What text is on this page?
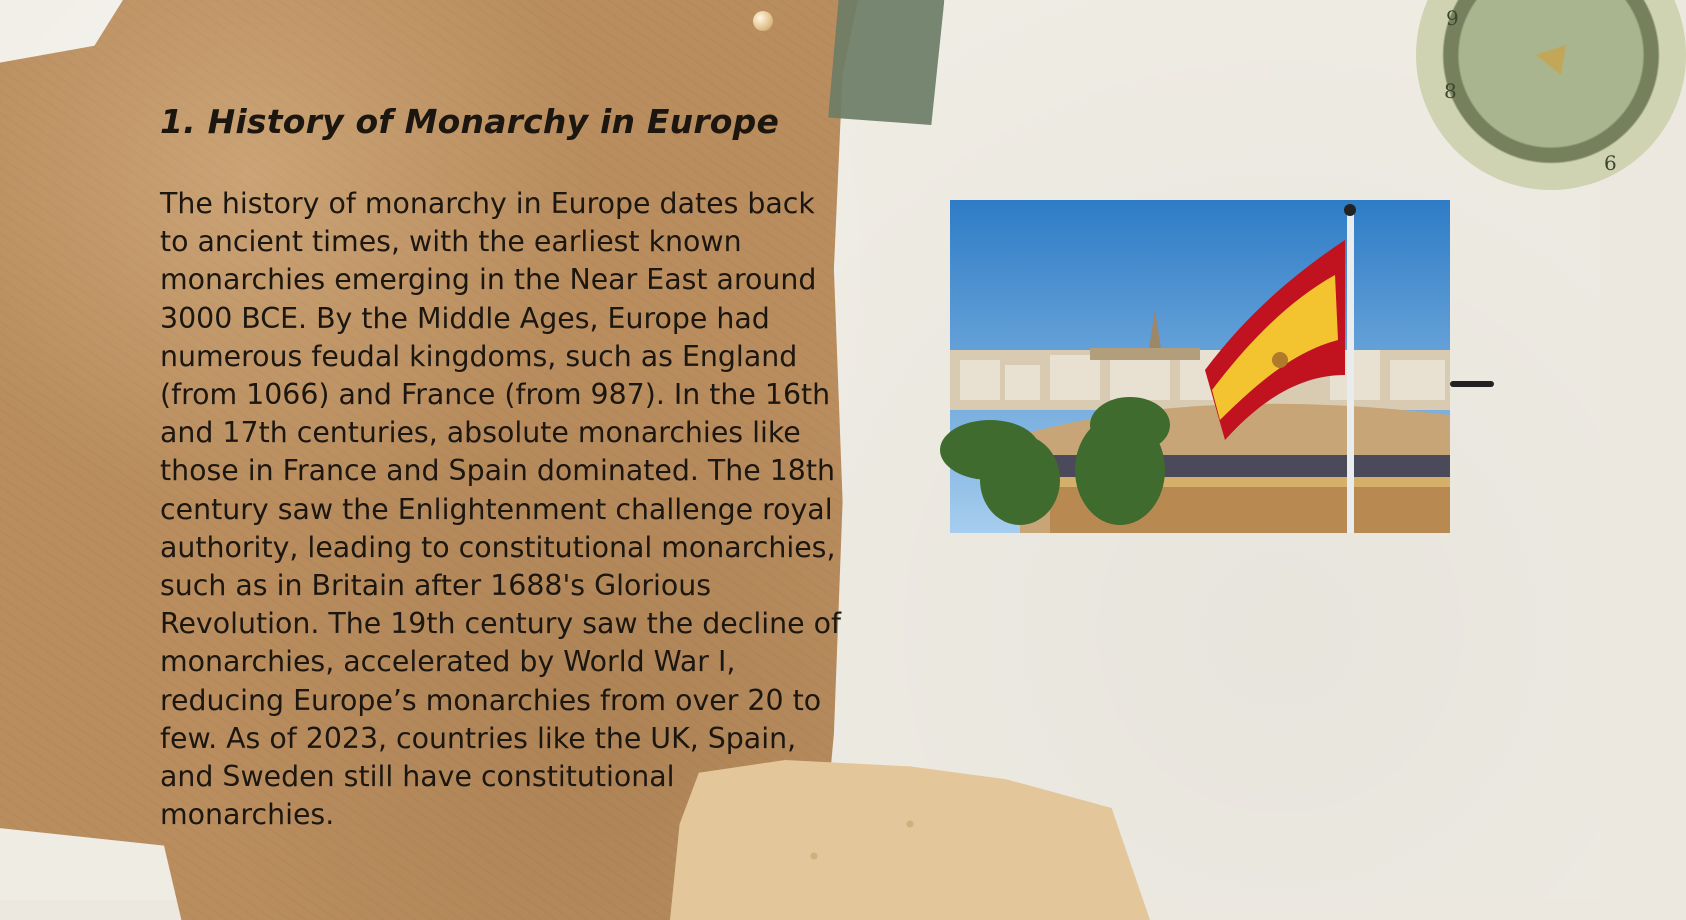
9
8
6
1. History of Monarchy in Europe

The history of monarchy in Europe dates back to ancient times, with the earliest known monarchies emerging in the Near East around 3000 BCE. By the Middle Ages, Europe had numerous feudal kingdoms, such as England (from 1066) and France (from 987). In the 16th and 17th centuries, absolute monarchies like those in France and Spain dominated. The 18th century saw the Enlightenment challenge royal authority, leading to constitutional monarchies, such as in Britain after 1688's Glorious Revolution. The 19th century saw the decline of monarchies, accelerated by World War I, reducing Europe’s monarchies from over 20 to few. As of 2023, countries like the UK, Spain, and Sweden still have constitutional monarchies.
